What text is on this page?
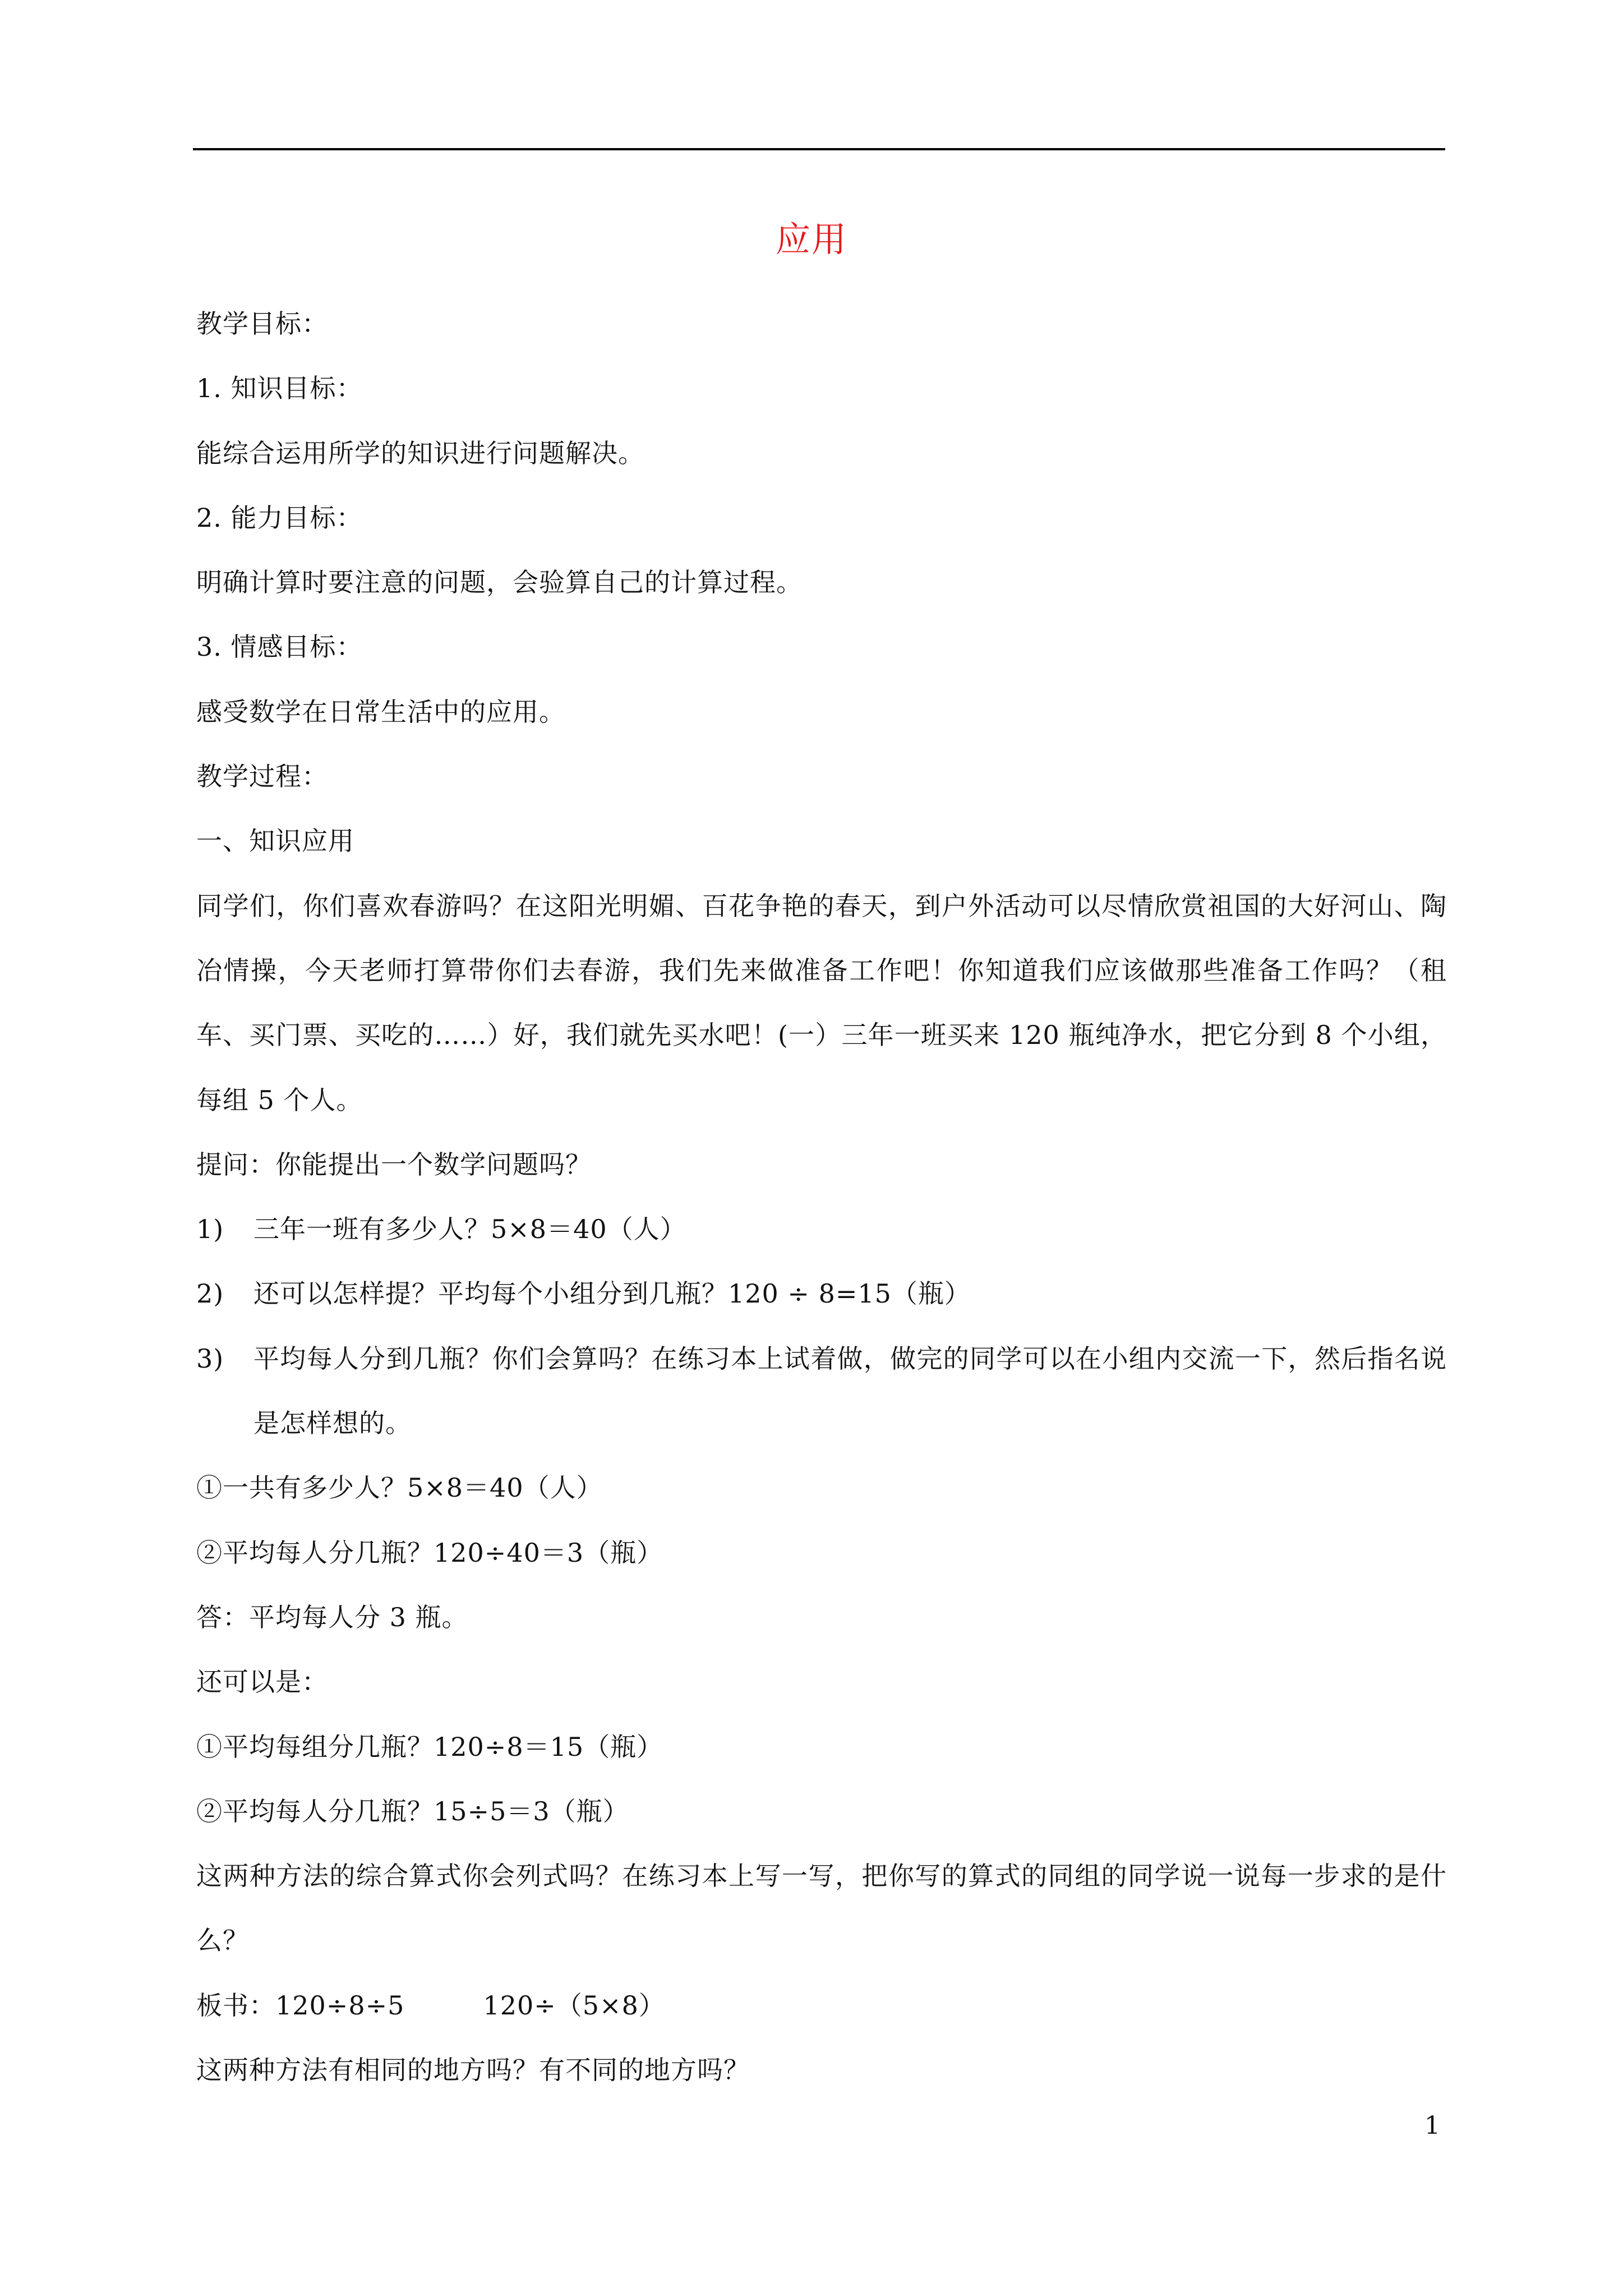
应用
教学目标：
1. 知识目标：
能综合运用所学的知识进行问题解决。
2. 能力目标：
明确计算时要注意的问题，会验算自己的计算过程。
3. 情感目标：
感受数学在日常生活中的应用。
教学过程：
一、知识应用
同学们，你们喜欢春游吗？在这阳光明媚、百花争艳的春天，到户外活动可以尽情欣赏祖国的大好河山、陶冶情操，今天老师打算带你们去春游，我们先来做准备工作吧！你知道我们应该做那些准备工作吗？（租车、买门票、买吃的……）好，我们就先买水吧！(一）三年一班买来 120 瓶纯净水，把它分到 8 个小组，每组 5 个人。
提问：你能提出一个数学问题吗？
1) 三年一班有多少人？5×8＝40（人）
2) 还可以怎样提？平均每个小组分到几瓶？120 ÷ 8=15（瓶）
3) 平均每人分到几瓶？你们会算吗？在练习本上试着做，做完的同学可以在小组内交流一下，然后指名说是怎样想的。
①一共有多少人？5×8＝40（人）
②平均每人分几瓶？120÷40＝3（瓶）
答：平均每人分 3 瓶。
还可以是：
①平均每组分几瓶？120÷8＝15（瓶）
②平均每人分几瓶？15÷5＝3（瓶）
这两种方法的综合算式你会列式吗？在练习本上写一写，把你写的算式的同组的同学说一说每一步求的是什么？
板书：120÷8÷5	120÷（5×8）
这两种方法有相同的地方吗？有不同的地方吗？
1
